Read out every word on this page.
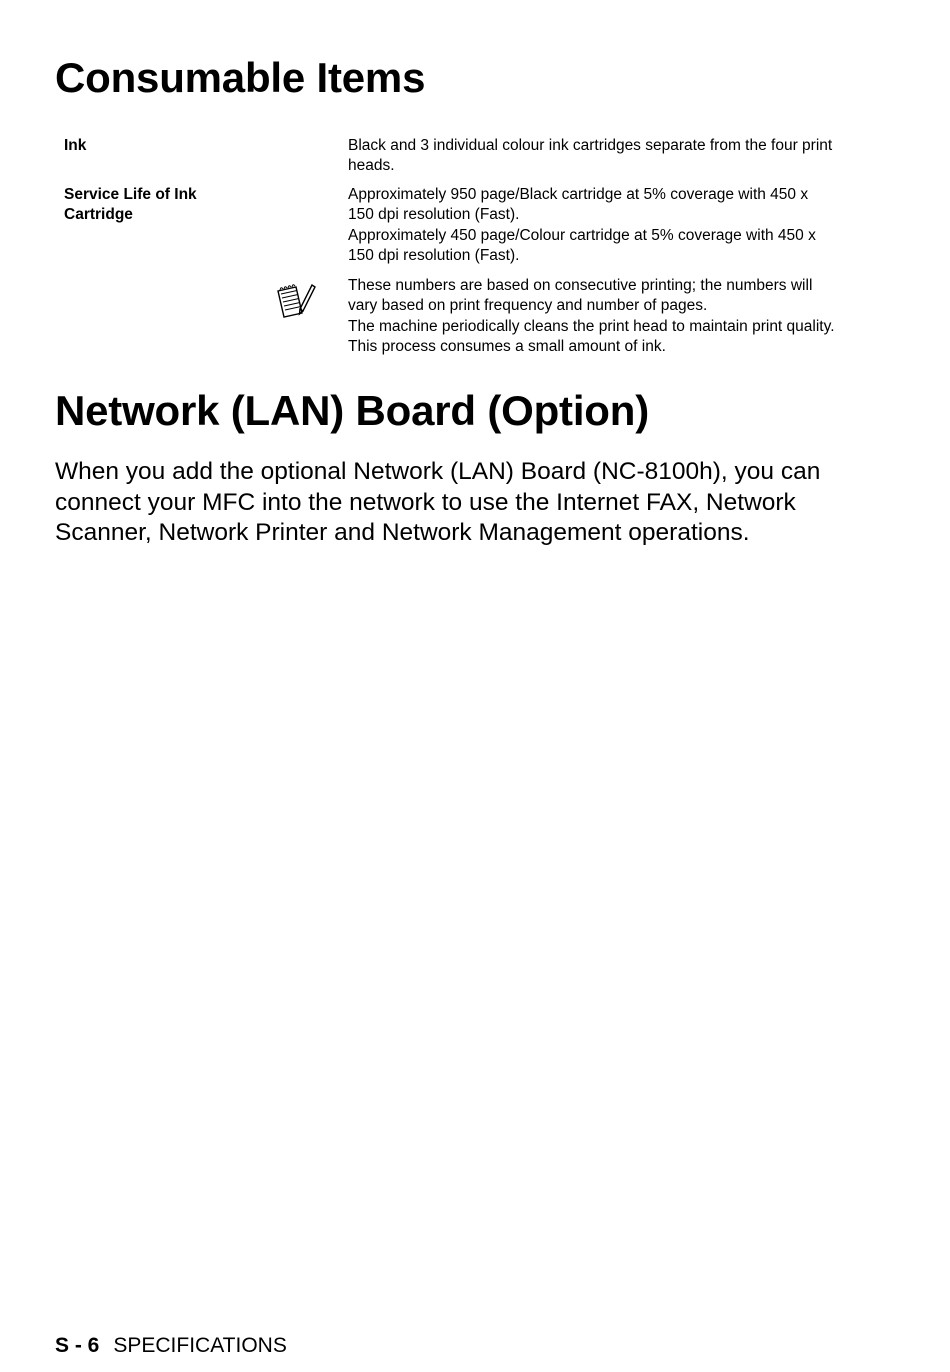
Consumable Items
Ink	Black and 3 individual colour ink cartridges separate from the four print heads.

Service Life of Ink Cartridge

Approximately 950 page/Black cartridge at 5% coverage with 450 x 150 dpi resolution (Fast).

Approximately 450 page/Colour cartridge at 5% coverage with 450 x 150 dpi resolution (Fast).

These numbers are based on consecutive printing; the numbers will vary based on print frequency and number of pages.

The machine periodically cleans the print head to maintain print quality. This process consumes a small amount of ink.

Network (LAN) Board (Option)

When you add the optional Network (LAN) Board (NC-8100h), you can connect your MFC into the network to use the Internet FAX, Network Scanner, Network Printer and Network Management operations.

S - 6 SPECIFICATIONS
